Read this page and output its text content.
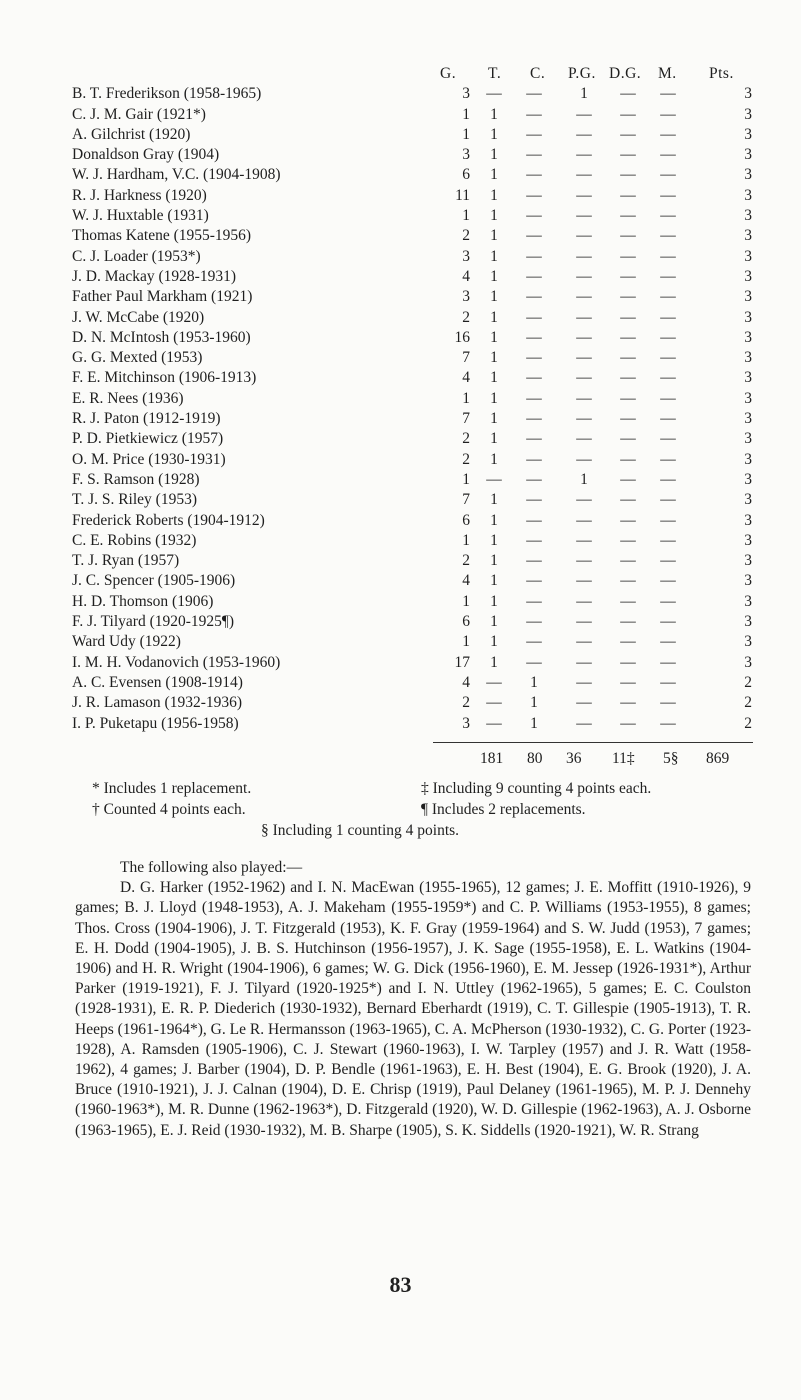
G. T. C. P.G. D.G. M. Pts.
B. T. Frederikson (1958-1965)	3 — —	1	— —	3
C. J. M. Gair (1921*)	1	1	— — — —	3
A. Gilchrist (1920)	1	1	— — — —	3
Donaldson Gray (1904)	3	1	— — — —	3
W. J. Hardham, V.C. (1904-1908)	6	1	— — — —	3
R. J. Harkness (1920)	11	1	— — — —	3
W. J. Huxtable (1931)	1	1	— — — —	3
Thomas Katene (1955-1956)	2	1	— — — —	3
C. J. Loader (1953*)	3	1	— — — —	3
J. D. Mackay (1928-1931)	4	1	— — — —	3
Father Paul Markham (1921)	3	1	— — — —	3
J. W. McCabe (1920)	2	1	— — — —	3
D. N. McIntosh (1953-1960)	16	1	— — — —	3
G. G. Mexted (1953)	7	1	— — — —	3
F. E. Mitchinson (1906-1913)	4	1	— — — —	3
E. R. Nees (1936)	1	1	— — — —	3
R. J. Paton (1912-1919)	7	1	— — — —	3
P. D. Pietkiewicz (1957)	2	1	— — — —	3
O. M. Price (1930-1931)	2	1	— — — —	3
F. S. Ramson (1928)	1 — —	1	— —	3
T. J. S. Riley (1953)	7	1	— — — —	3
Frederick Roberts (1904-1912)	6	1	— — — —	3
C. E. Robins (1932)	1	1	— — — —	3
T. J. Ryan (1957)	2	1	— — — —	3
J. C. Spencer (1905-1906)	4	1	— — — —	3
H. D. Thomson (1906)	1	1	— — — —	3
F. J. Tilyard (1920-1925¶)	6	1	— — — —	3
Ward Udy (1922)	1	1	— — — —	3
I. M. H. Vodanovich (1953-1960)	17	1	— — — —	3
A. C. Evensen (1908-1914)	4 —	1	— — —	2
J. R. Lamason (1932-1936)	2 —	1	— — —	2
I. P. Puketapu (1956-1958)	3 —	1	— — —	2
181 80 36 11‡ 5§ 869
* Includes 1 replacement.	‡ Including 9 counting 4 points each.
† Counted 4 points each.	¶ Includes 2 replacements.
§ Including 1 counting 4 points.

The following also played:—

D. G. Harker (1952-1962) and I. N. MacEwan (1955-1965), 12 games; J. E. Moffitt (1910-1926), 9 games; B. J. Lloyd (1948-1953), A. J. Makeham (1955-1959*) and C. P. Williams (1953-1955), 8 games; Thos. Cross (1904-1906), J. T. Fitzgerald (1953), K. F. Gray (1959-1964) and S. W. Judd (1953), 7 games; E. H. Dodd (1904-1905), J. B. S. Hutchinson (1956-1957), J. K. Sage (1955-1958), E. L. Watkins (1904-1906) and H. R. Wright (1904-1906), 6 games; W. G. Dick (1956-1960), E. M. Jessep (1926-1931*), Arthur Parker (1919-1921), F. J. Tilyard (1920-1925*) and I. N. Uttley (1962-1965), 5 games; E. C. Coulston (1928-1931), E. R. P. Diederich (1930-1932), Bernard Eberhardt (1919), C. T. Gillespie (1905-1913), T. R. Heeps (1961-1964*), G. Le R. Hermansson (1963-1965), C. A. McPherson (1930-1932), C. G. Porter (1923-1928), A. Ramsden (1905-1906), C. J. Stewart (1960-1963), I. W. Tarpley (1957) and J. R. Watt (1958-1962), 4 games; J. Barber (1904), D. P. Bendle (1961-1963), E. H. Best (1904), E. G. Brook (1920), J. A. Bruce (1910-1921), J. J. Calnan (1904), D. E. Chrisp (1919), Paul Delaney (1961-1965), M. P. J. Dennehy (1960-1963*), M. R. Dunne (1962-1963*), D. Fitzgerald (1920), W. D. Gillespie (1962-1963), A. J. Osborne (1963-1965), E. J. Reid (1930-1932), M. B. Sharpe (1905), S. K. Siddells (1920-1921), W. R. Strang

83
